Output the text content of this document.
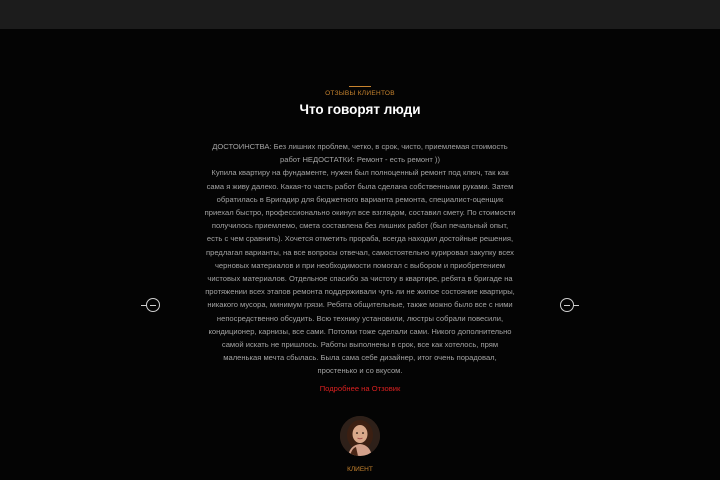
ОТЗЫВЫ КЛИЕНТОВ
Что говорят люди

ДОСТОИНСТВА: Без лишних проблем, четко, в срок, чисто, приемлемая стоимость
работ НЕДОСТАТКИ: Ремонт - есть ремонт ))
Купила квартиру на фундаменте, нужен был полноценный ремонт под ключ, так как
сама я живу далеко. Какая-то часть работ была сделана собственными руками. Затем
обратилась в Бригадир для бюджетного варианта ремонта, специалист-оценщик
приехал быстро, профессионально окинул все взглядом, составил смету. По стоимости
получилось приемлемо, смета составлена без лишних работ (был печальный опыт,
есть с чем сравнить). Хочется отметить прораба, всегда находил достойные решения,
предлагал варианты, на все вопросы отвечал, самостоятельно курировал закупку всех
черновых материалов и при необходимости помогал с выбором и приобретением
чистовых материалов. Отдельное спасибо за чистоту в квартире, ребята в бригаде на
протяжении всех этапов ремонта поддерживали чуть ли не жилое состояние квартиры,
никакого мусора, минимум грязи. Ребята общительные, также можно было все с ними
непосредственно обсудить. Всю технику установили, люстры собрали повесили,
кондиционер, карнизы, все сами. Потолки тоже сделали сами. Никого дополнительно
самой искать не пришлось. Работы выполнены в срок, все как хотелось, прям
маленькая мечта сбылась. Была сама себе дизайнер, итог очень порадовал,
простенько и со вкусом.

Подробнее на Отзовик
КЛИЕНТ
